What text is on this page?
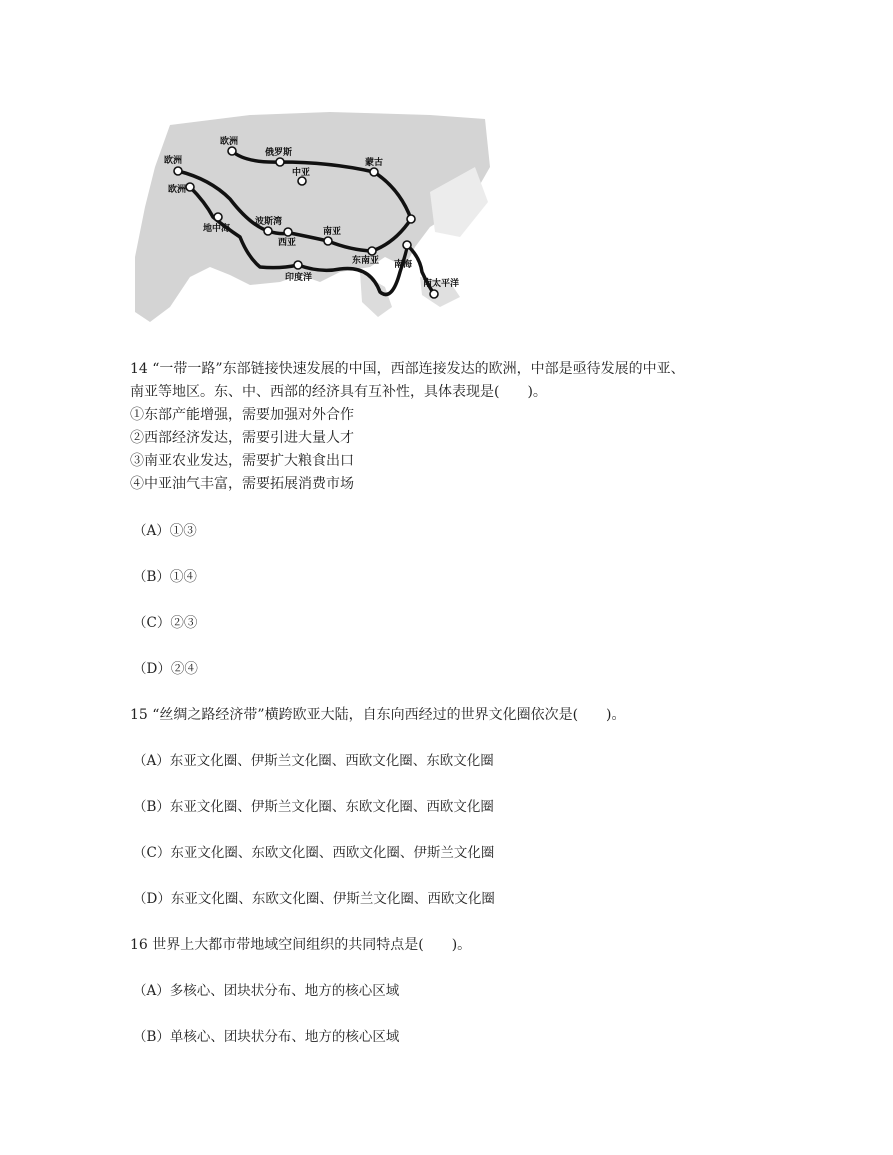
欧洲
俄罗斯
蒙古
中亚
欧洲
欧洲
地中海
波斯湾
西亚
南亚
东南亚 南海
印度洋
南太平洋
14 “一带一路”东部链接快速发展的中国，西部连接发达的欧洲，中部是亟待发展的中亚、
南亚等地区。东、中、西部的经济具有互补性，具体表现是(　　)。
①东部产能增强，需要加强对外合作
②西部经济发达，需要引进大量人才
③南亚农业发达，需要扩大粮食出口
④中亚油气丰富，需要拓展消费市场
（A）①③
（B）①④
（C）②③
（D）②④
15 “丝绸之路经济带”横跨欧亚大陆，自东向西经过的世界文化圈依次是(　　)。
（A）东亚文化圈、伊斯兰文化圈、西欧文化圈、东欧文化圈
（B）东亚文化圈、伊斯兰文化圈、东欧文化圈、西欧文化圈
（C）东亚文化圈、东欧文化圈、西欧文化圈、伊斯兰文化圈
（D）东亚文化圈、东欧文化圈、伊斯兰文化圈、西欧文化圈
16 世界上大都市带地域空间组织的共同特点是(　　)。
（A）多核心、团块状分布、地方的核心区域
（B）单核心、团块状分布、地方的核心区域
